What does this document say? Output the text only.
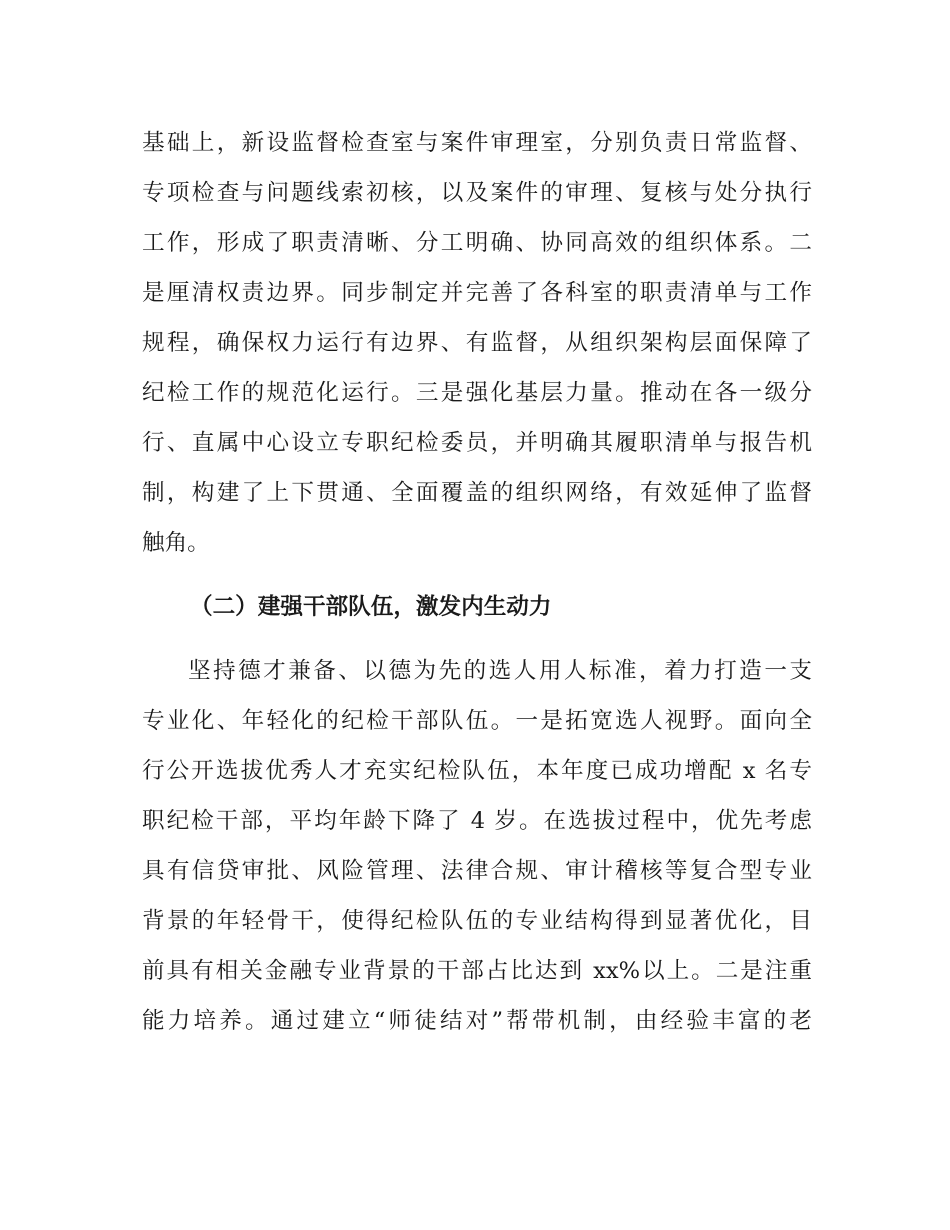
基础上，新设监督检查室与案件审理室，分别负责日常监督、
专项检查与问题线索初核，以及案件的审理、复核与处分执行
工作，形成了职责清晰、分工明确、协同高效的组织体系。二
是厘清权责边界。同步制定并完善了各科室的职责清单与工作
规程，确保权力运行有边界、有监督，从组织架构层面保障了
纪检工作的规范化运行。三是强化基层力量。推动在各一级分
行、直属中心设立专职纪检委员，并明确其履职清单与报告机
制，构建了上下贯通、全面覆盖的组织网络，有效延伸了监督
触角。
（二）建强干部队伍，激发内生动力
坚持德才兼备、以德为先的选人用人标准，着力打造一支
专业化、年轻化的纪检干部队伍。一是拓宽选人视野。面向全
行公开选拔优秀人才充实纪检队伍，本年度已成功增配 x 名专
职纪检干部，平均年龄下降了 4 岁。在选拔过程中，优先考虑
具有信贷审批、风险管理、法律合规、审计稽核等复合型专业
背景的年轻骨干，使得纪检队伍的专业结构得到显著优化，目
前具有相关金融专业背景的干部占比达到 xx%以上。二是注重
能力培养。通过建立“师徒结对”帮带机制，由经验丰富的老
